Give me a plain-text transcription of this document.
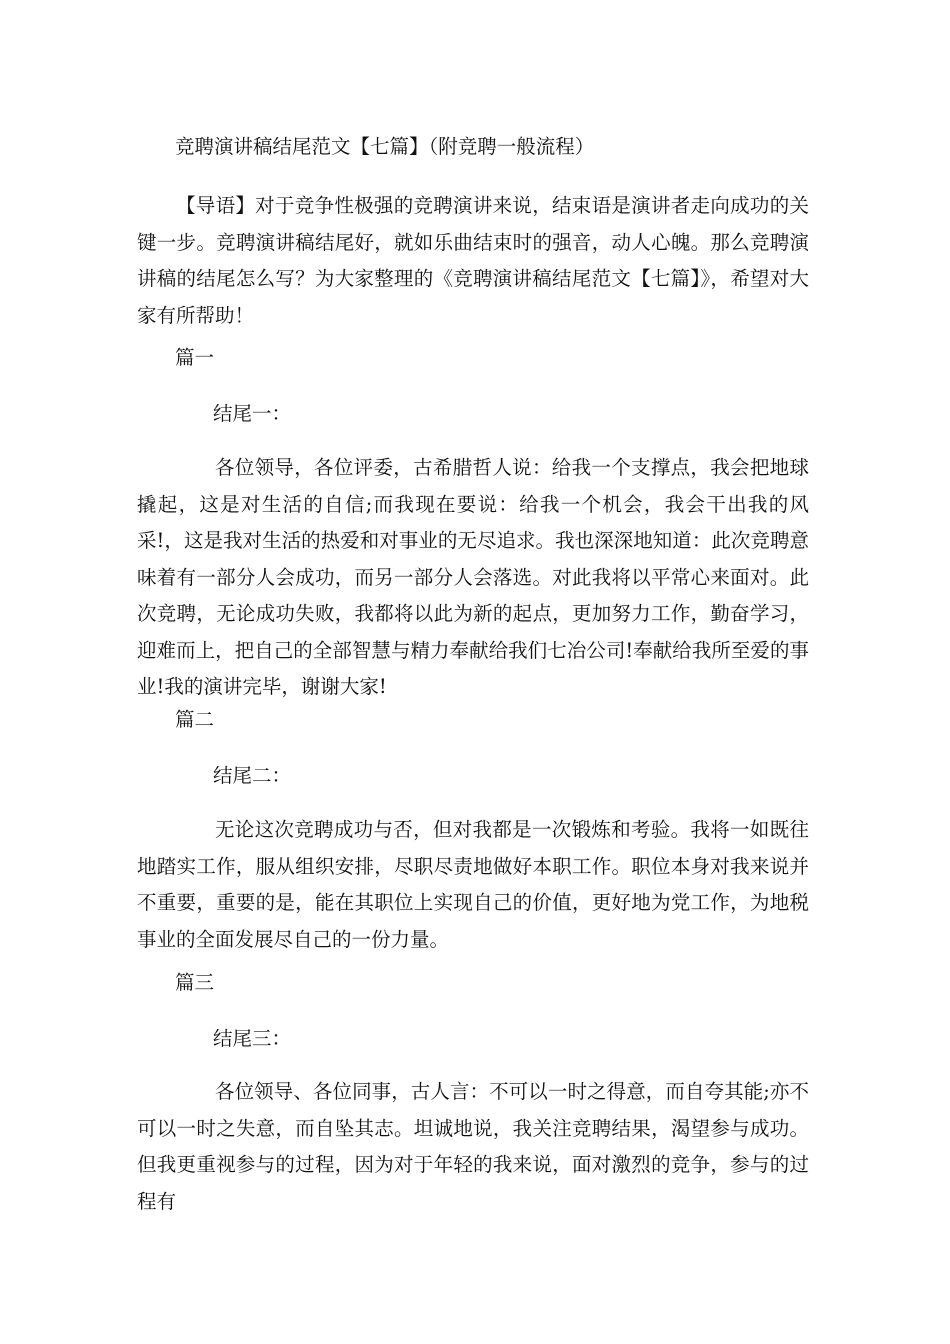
竞聘演讲稿结尾范文【七篇】（附竞聘一般流程）

【导语】对于竞争性极强的竞聘演讲来说，结束语是演讲者走向成功的关键一步。竞聘演讲稿结尾好，就如乐曲结束时的强音，动人心魄。那么竞聘演讲稿的结尾怎么写？为大家整理的《竞聘演讲稿结尾范文【七篇】》，希望对大家有所帮助！

篇一
结尾一：

各位领导，各位评委，古希腊哲人说：给我一个支撑点，我会把地球撬起，这是对生活的自信;而我现在要说：给我一个机会，我会干出我的风采!，这是我对生活的热爱和对事业的无尽追求。我也深深地知道：此次竞聘意味着有一部分人会成功，而另一部分人会落选。对此我将以平常心来面对。此次竞聘，无论成功失败，我都将以此为新的起点，更加努力工作，勤奋学习，迎难而上，把自己的全部智慧与精力奉献给我们七冶公司!奉献给我所至爱的事业!我的演讲完毕，谢谢大家!

篇二
结尾二：

无论这次竞聘成功与否，但对我都是一次锻炼和考验。我将一如既往地踏实工作，服从组织安排，尽职尽责地做好本职工作。职位本身对我来说并不重要，重要的是，能在其职位上实现自己的价值，更好地为党工作，为地税事业的全面发展尽自己的一份力量。

篇三
结尾三：

各位领导、各位同事，古人言：不可以一时之得意，而自夸其能;亦不可以一时之失意，而自坠其志。坦诚地说，我关注竞聘结果，渴望参与成功。但我更重视参与的过程，因为对于年轻的我来说，面对激烈的竞争，参与的过程有
